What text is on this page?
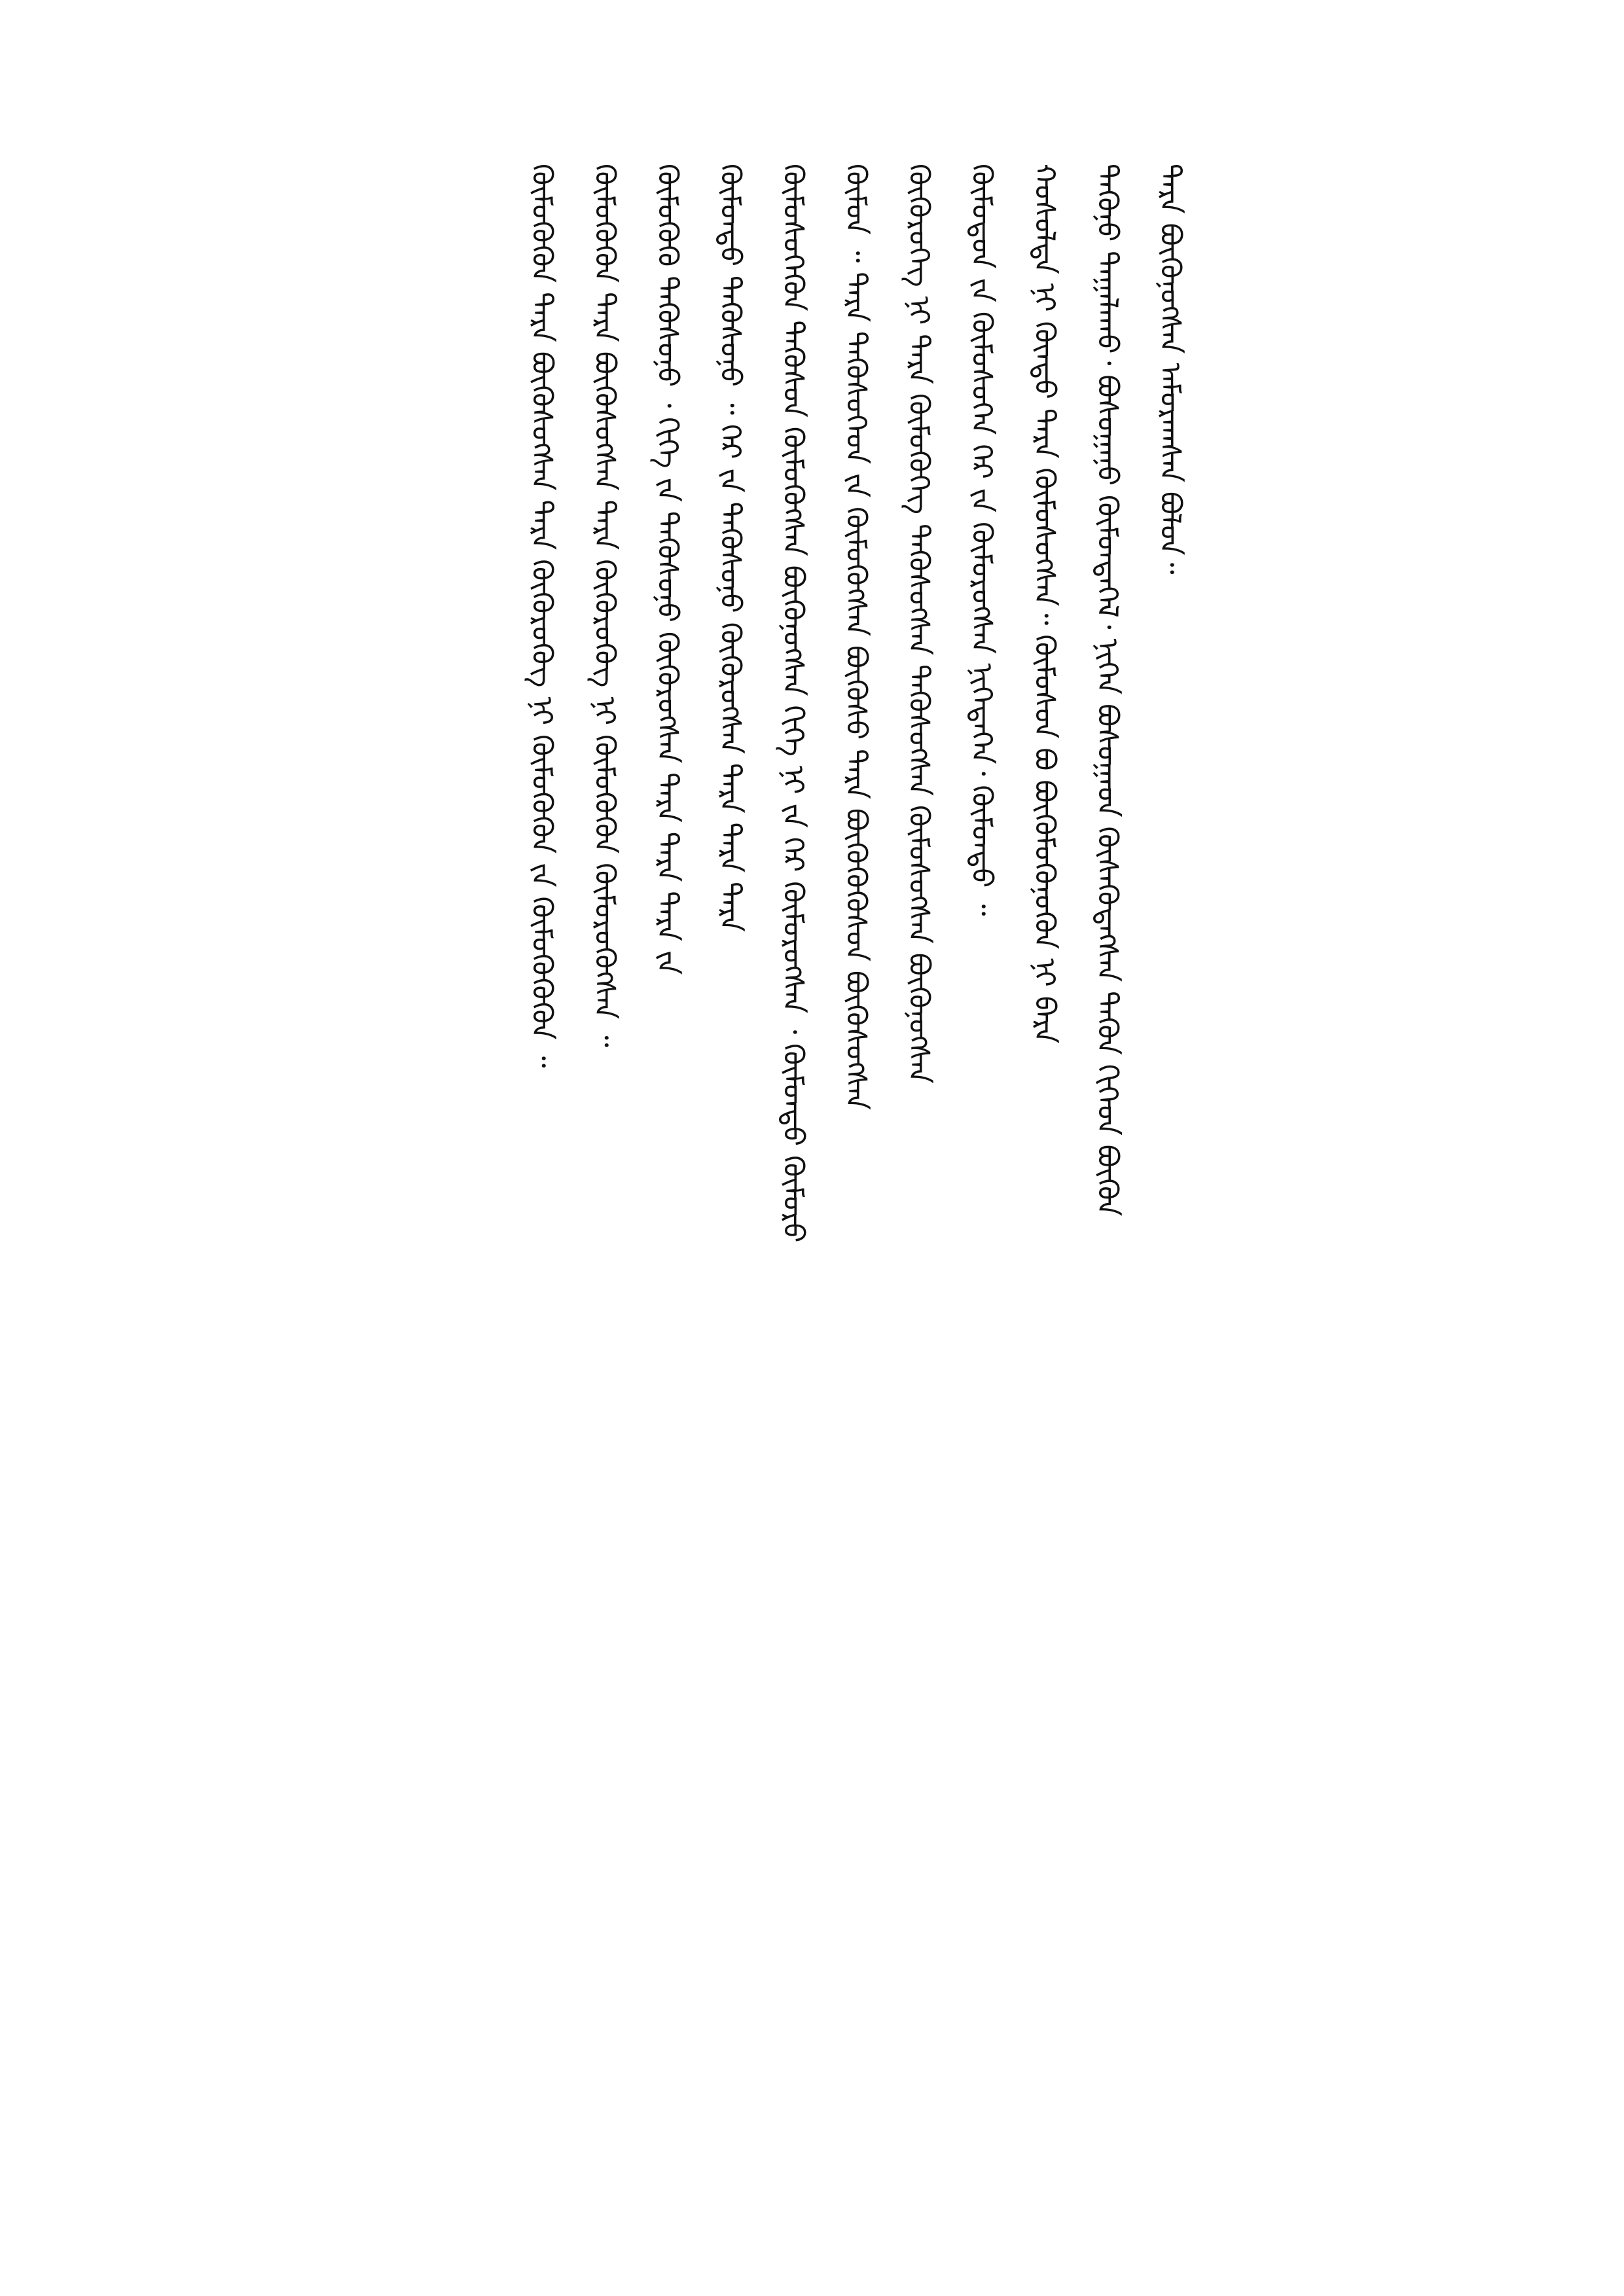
ᠲᠡᠷᠡ ᠪᠦᠬᠦᠨᠦᠭᠰᠡᠨ ᠠᠮᠤᠷᠠᠭᠰᠠᠨ ᠪᠣᠯᠤᠨ᠃
ᠲᠡᠭᠦᠨᠦ ᠲᠠᠭᠠᠯᠠᠬᠤ᠂ ᠪᠣᠰᠤᠭᠠᠨᠤ ᠬᠦᠮᠦᠨᠳᠡᠭᠡᠯ᠂ ᠨᠢᠭᠡᠨ ᠪᠣᠰᠤᠭᠠᠳ ᠬᠦᠰᠡᠭᠦᠳᠡᠭᠰᠡᠨ ᠲᠡᠭᠦᠨ ᠬᠢᠭᠡᠳ ᠪᠦᠬᠦᠨ
ᠬᠤᠰᠤᠯᠲᠠ ᠨᠢ ᠬᠦᠨᠳᠦ ᠲᠡᠷᠡ ᠬᠦᠮᠦᠰᠦᠭᠰᠡᠨ᠃ ᠬᠦᠮᠦᠰᠦᠨ ᠪᠤ ᠪᠦᠬᠦᠮᠦᠭᠦᠨᠦᠭᠦᠨ ᠨᠢ ᠪᠡᠷᠡ
ᠬᠦᠮᠦᠳᠦᠨ ᠵᠠ ᠬᠦᠮᠦᠰᠦᠭᠡᠨ ᠬᠡᠷ ᠵᠠ ᠬᠦᠮᠦᠷᠦᠭᠰᠡᠨ ᠨᠢᠭᠡᠳᠡᠭᠡᠨ᠂ ᠬᠦᠮᠦᠨᠲᠦ ᠃
ᠬᠦᠭᠦᠷᠦᠭᠡᠭ ᠨᠢ ᠲᠡᠷᠡ ᠬᠦᠮᠦᠭᠦᠭᠡᠭ ᠲᠡᠭᠦᠰᠦᠭᠰᠡᠨ ᠲᠡᠭᠦᠰᠦᠭᠰᠡᠨ ᠬᠦᠮᠦᠰᠦᠭᠰᠡᠨ ᠪᠦᠬᠦᠨᠦᠭᠰᠡᠨ
ᠬᠦᠮᠦᠨ ᠃ ᠲᠡᠷᠡ ᠲᠡᠭᠦᠰᠦᠭᠡᠳ ᠵᠠ ᠬᠦᠮᠦᠭᠦᠭᠰᠡᠨ ᠪᠦᠬᠦᠰᠦ ᠲᠡᠷᠡ ᠪᠦᠬᠦᠭᠦᠭᠦᠰᠦᠨ ᠪᠦᠬᠦᠰᠦᠭᠰᠡᠨ
ᠬᠦᠮᠦᠰᠦᠭᠡᠭᠦᠨ ᠲᠡᠭᠦᠰᠦᠨ ᠬᠦᠮᠦᠭᠦᠭᠰᠡᠨ ᠪᠦᠬᠦᠨᠦᠭᠰᠡᠨ ᠬᠢᠭᠡ ᠨᠢ ᠵᠠ ᠬᠡᠷ ᠬᠦᠮᠦᠷᠦᠭᠰᠡᠨ ᠂ ᠬᠦᠮᠦᠨᠲᠦ ᠬᠦᠮᠦᠷᠦ
ᠬᠦᠮᠦᠨᠳᠦ ᠲᠡᠭᠦᠰᠦᠨᠦ ᠃ ᠬᠡᠷ ᠵᠠ ᠲᠡᠭᠦᠰᠦᠨᠦ ᠬᠦᠭᠦᠷᠦᠭᠰᠡᠨ ᠲᠡᠷᠡ ᠲᠡᠷᠡ ᠲᠡᠷᠡ
ᠬᠦᠮᠦᠭᠦᠭᠦ ᠲᠡᠭᠦᠰᠦᠨᠦ ᠂ ᠬᠢᠭᠡ ᠵᠠ ᠲᠡᠭᠦᠰᠦᠨᠦ ᠬᠦᠭᠦᠷᠦᠭᠰᠡᠨ ᠲᠡᠷᠡ ᠲᠡᠷᠡ ᠲᠡᠷᠡ ᠵᠠ
ᠬᠦᠮᠦᠭᠦᠭᠦᠨ ᠲᠡᠷᠡ ᠪᠦᠬᠦᠰᠦᠭᠰᠡᠨ ᠲᠡᠷᠡ ᠬᠦᠭᠦᠷᠦᠭᠦᠭ ᠨᠢ ᠬᠦᠮᠦᠭᠦᠭᠦᠨ ᠬᠦᠮᠦᠷᠦᠭᠦᠭᠰᠡᠨ ᠃
ᠬᠦᠮᠦᠭᠦᠭᠦᠨ ᠲᠡᠷᠡ ᠪᠦᠬᠦᠰᠦᠭᠰᠡᠨ ᠲᠡᠷᠡ ᠬᠦᠭᠦᠷᠦᠭᠦᠭ ᠨᠢ ᠬᠦᠮᠦᠭᠦᠭᠦᠨ ᠵᠠ ᠬᠦᠮᠦᠭᠦᠭᠦᠭᠦᠨ ᠃
